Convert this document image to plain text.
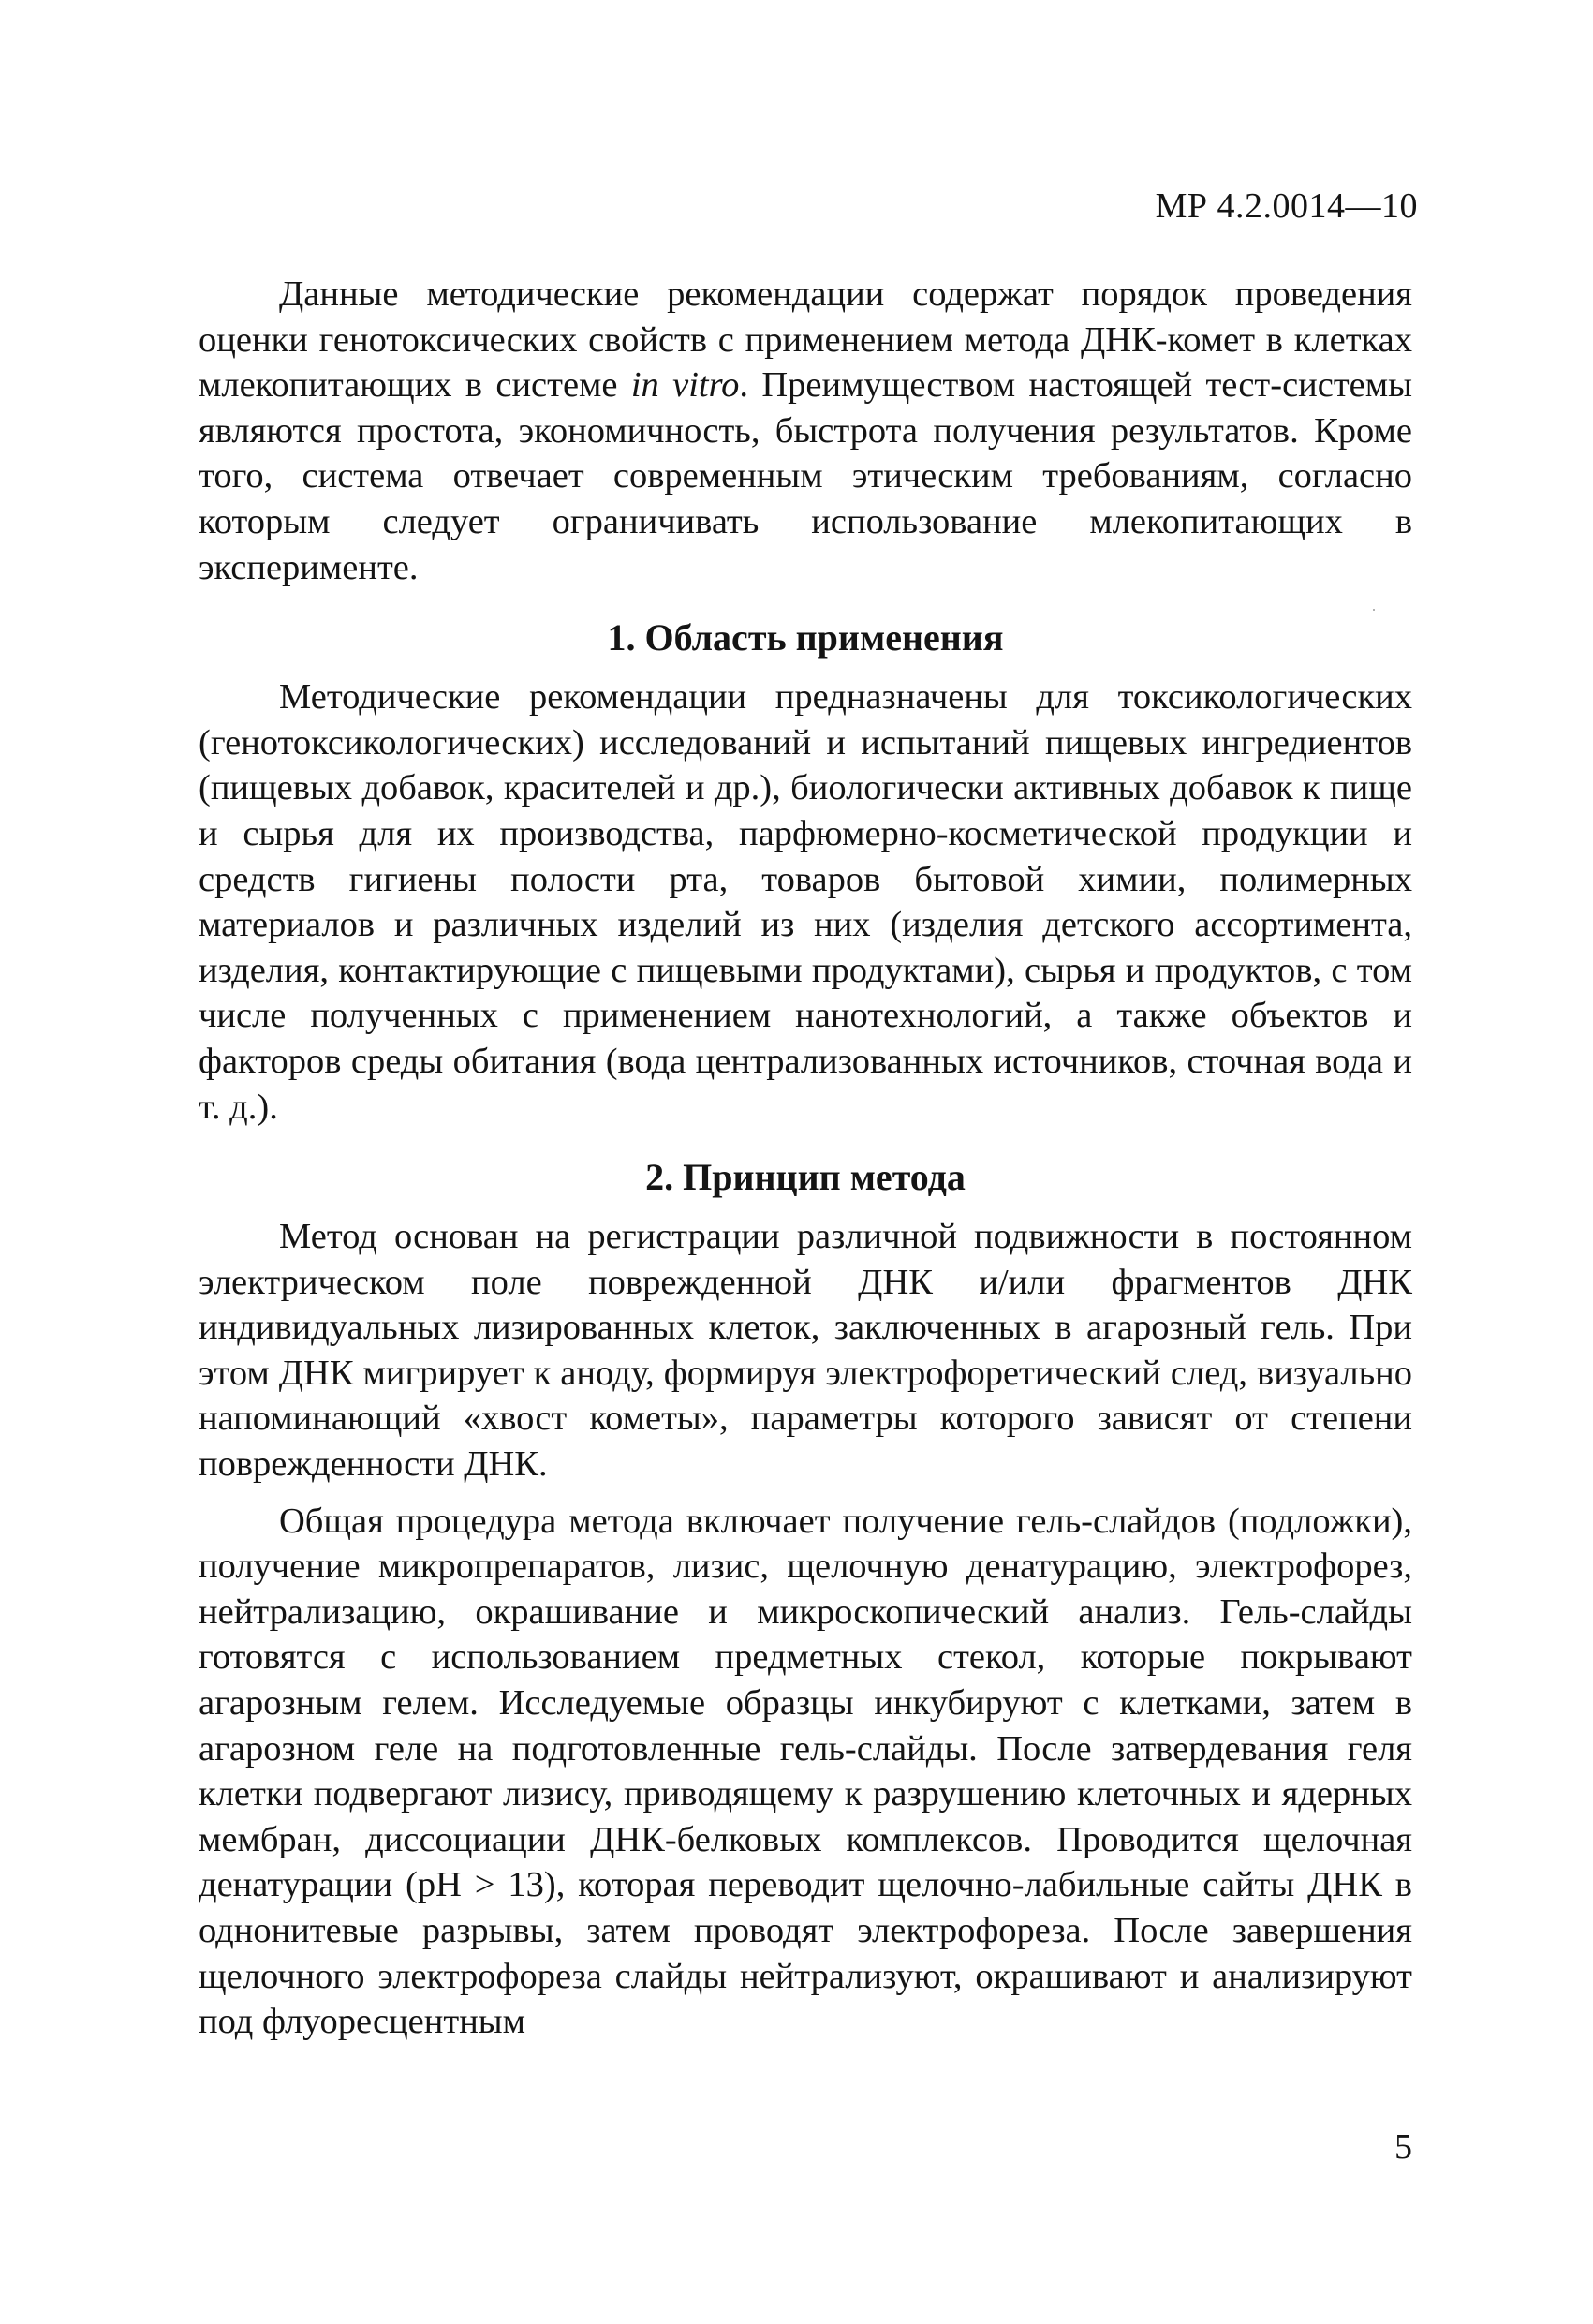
МР 4.2.0014—10

Данные методические рекомендации содержат порядок проведения оценки генотоксических свойств с применением метода ДНК-комет в клетках млекопитающих в системе in vitro. Преимуществом настоящей тест-системы являются простота, экономичность, быстрота получения результатов. Кроме того, система отвечает современным этическим требованиям, согласно которым следует ограничивать использование млекопитающих в эксперименте.

1. Область применения

Методические рекомендации предназначены для токсикологических (генотоксикологических) исследований и испытаний пищевых ингредиентов (пищевых добавок, красителей и др.), биологически активных добавок к пище и сырья для их производства, парфюмерно-косметической продукции и средств гигиены полости рта, товаров бытовой химии, полимерных материалов и различных изделий из них (изделия детского ассортимента, изделия, контактирующие с пищевыми продуктами), сырья и продуктов, с том числе полученных с применением нанотехнологий, а также объектов и факторов среды обитания (вода централизованных источников, сточная вода и т. д.).

2. Принцип метода

Метод основан на регистрации различной подвижности в постоянном электрическом поле поврежденной ДНК и/или фрагментов ДНК индивидуальных лизированных клеток, заключенных в агарозный гель. При этом ДНК мигрирует к аноду, формируя электрофоретический след, визуально напоминающий «хвост кометы», параметры которого зависят от степени поврежденности ДНК.

Общая процедура метода включает получение гель-слайдов (подложки), получение микропрепаратов, лизис, щелочную денатурацию, электрофорез, нейтрализацию, окрашивание и микроскопический анализ. Гель-слайды готовятся с использованием предметных стекол, которые покрывают агарозным гелем. Исследуемые образцы инкубируют с клетками, затем в агарозном геле на подготовленные гель-слайды. После затвердевания геля клетки подвергают лизису, приводящему к разрушению клеточных и ядерных мембран, диссоциации ДНК-белковых комплексов. Проводится щелочная денатурации (pH > 13), которая переводит щелочно-лабильные сайты ДНК в однонитевые разрывы, затем проводят электрофореза. После завершения щелочного электрофореза слайды нейтрализуют, окрашивают и анализируют под флуоресцентным

5
